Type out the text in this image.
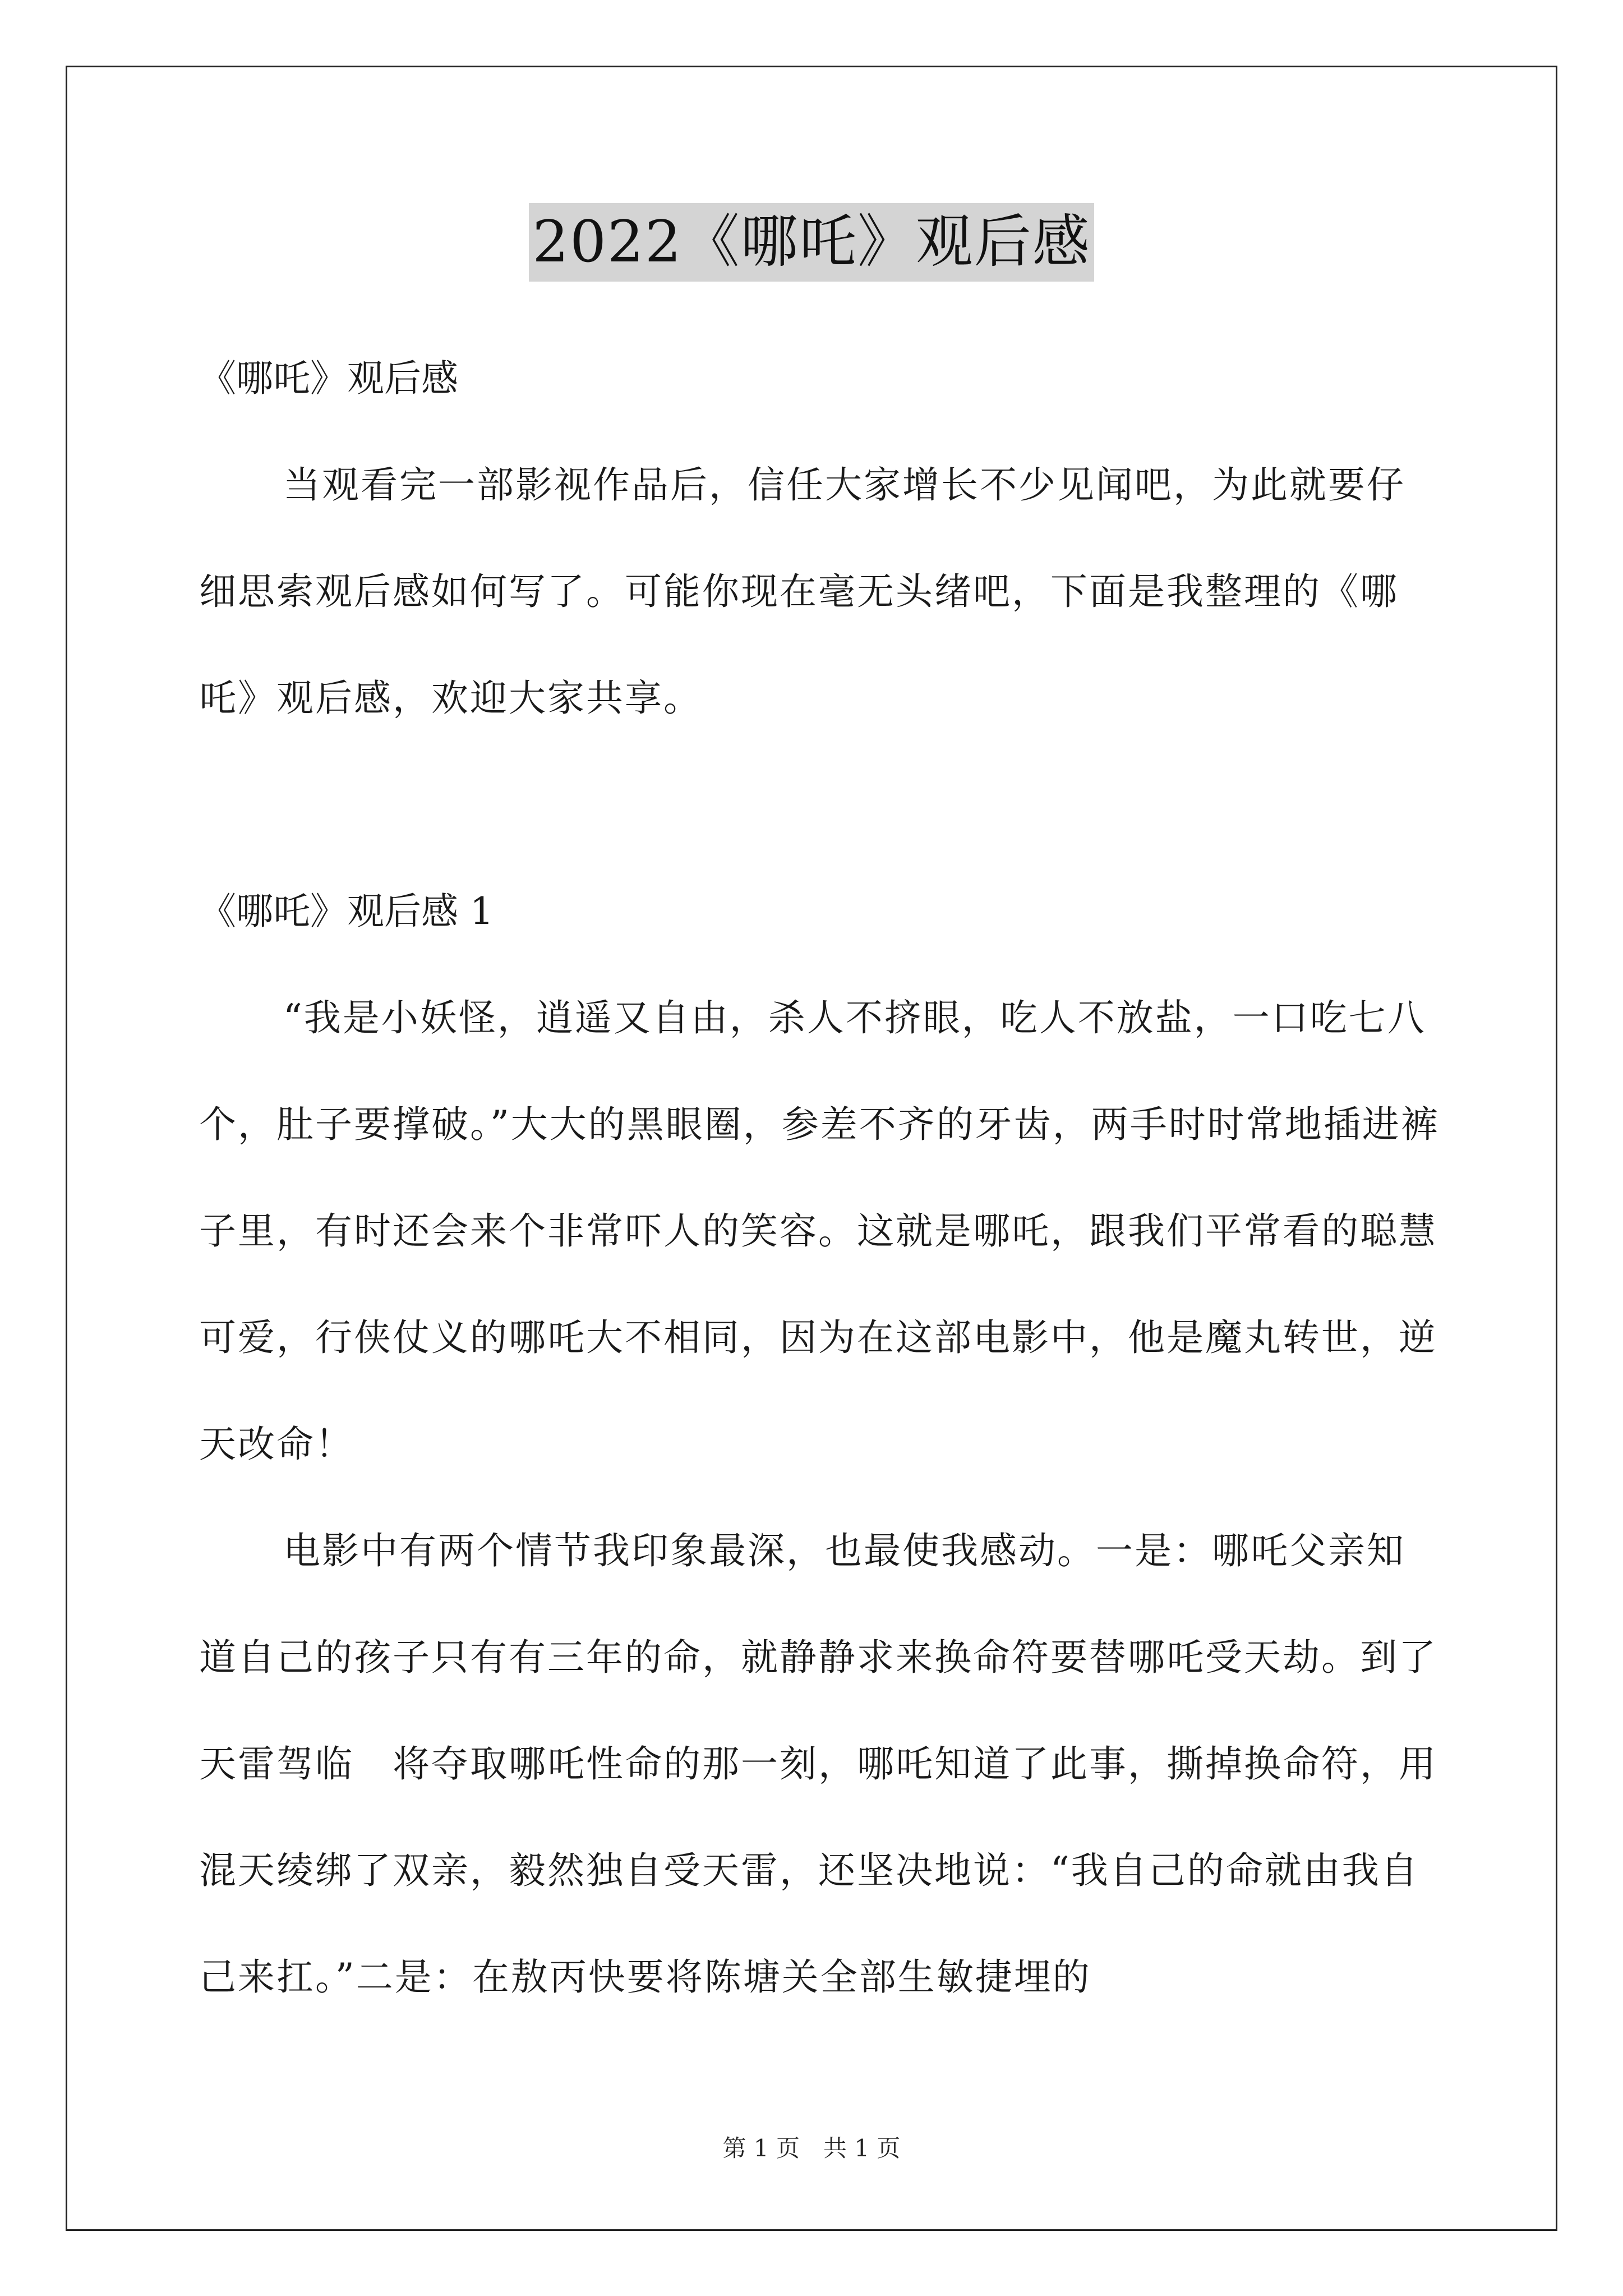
2022《哪吒》观后感

《哪吒》观后感

当观看完一部影视作品后，信任大家增长不少见闻吧，为此就要仔细思索观后感如何写了。可能你现在毫无头绪吧，下面是我整理的《哪吒》观后感，欢迎大家共享。

《哪吒》观后感 1

“我是小妖怪，逍遥又自由，杀人不挤眼，吃人不放盐，一口吃七八个，肚子要撑破。”大大的黑眼圈，参差不齐的牙齿，两手时时常地插进裤子里，有时还会来个非常吓人的笑容。这就是哪吒，跟我们平常看的聪慧可爱，行侠仗义的哪吒大不相同，因为在这部电影中，他是魔丸转世，逆天改命！

电影中有两个情节我印象最深，也最使我感动。一是：哪吒父亲知道自己的孩子只有有三年的命，就静静求来换命符要替哪吒受天劫。到了天雷驾临　将夺取哪吒性命的那一刻，哪吒知道了此事，撕掉换命符，用混天绫绑了双亲，毅然独自受天雷，还坚决地说：“我自己的命就由我自己来扛。”二是：在敖丙快要将陈塘关全部生敏捷埋的

第 1 页　共 1 页
